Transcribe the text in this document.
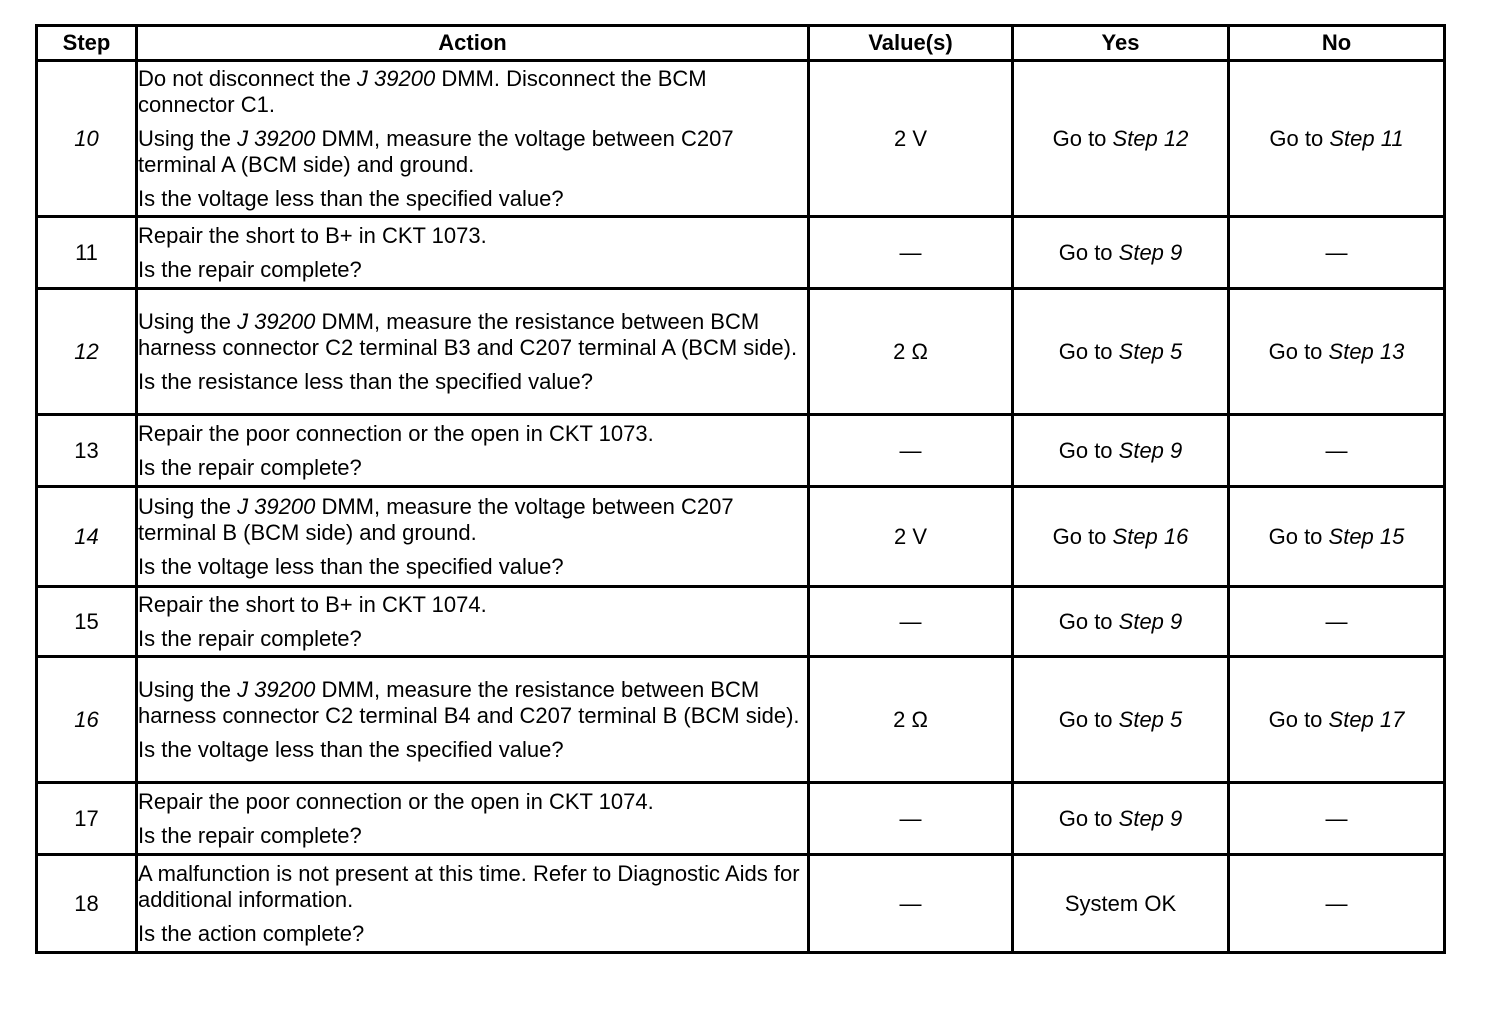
Step	Action	Value(s)	Yes	No
10	Do not disconnect the J 39200 DMM. Disconnect the BCM connector C1.

Using the J 39200 DMM, measure the voltage between C207 terminal A (BCM side) and ground.

Is the voltage less than the specified value?	2 V	Go to Step 12	Go to Step 11
11	Repair the short to B+ in CKT 1073.

Is the repair complete?	—	Go to Step 9	—
12	Using the J 39200 DMM, measure the resistance between BCM harness connector C2 terminal B3 and C207 terminal A (BCM side).

Is the resistance less than the specified value?	2 Ω	Go to Step 5	Go to Step 13
13	Repair the poor connection or the open in CKT 1073.

Is the repair complete?	—	Go to Step 9	—
14	Using the J 39200 DMM, measure the voltage between C207 terminal B (BCM side) and ground.

Is the voltage less than the specified value?	2 V	Go to Step 16	Go to Step 15
15	Repair the short to B+ in CKT 1074.

Is the repair complete?	—	Go to Step 9	—
16	Using the J 39200 DMM, measure the resistance between BCM harness connector C2 terminal B4 and C207 terminal B (BCM side).

Is the voltage less than the specified value?	2 Ω	Go to Step 5	Go to Step 17
17	Repair the poor connection or the open in CKT 1074.

Is the repair complete?	—	Go to Step 9	—
18	A malfunction is not present at this time. Refer to Diagnostic Aids for additional information.

Is the action complete?	—	System OK	—
